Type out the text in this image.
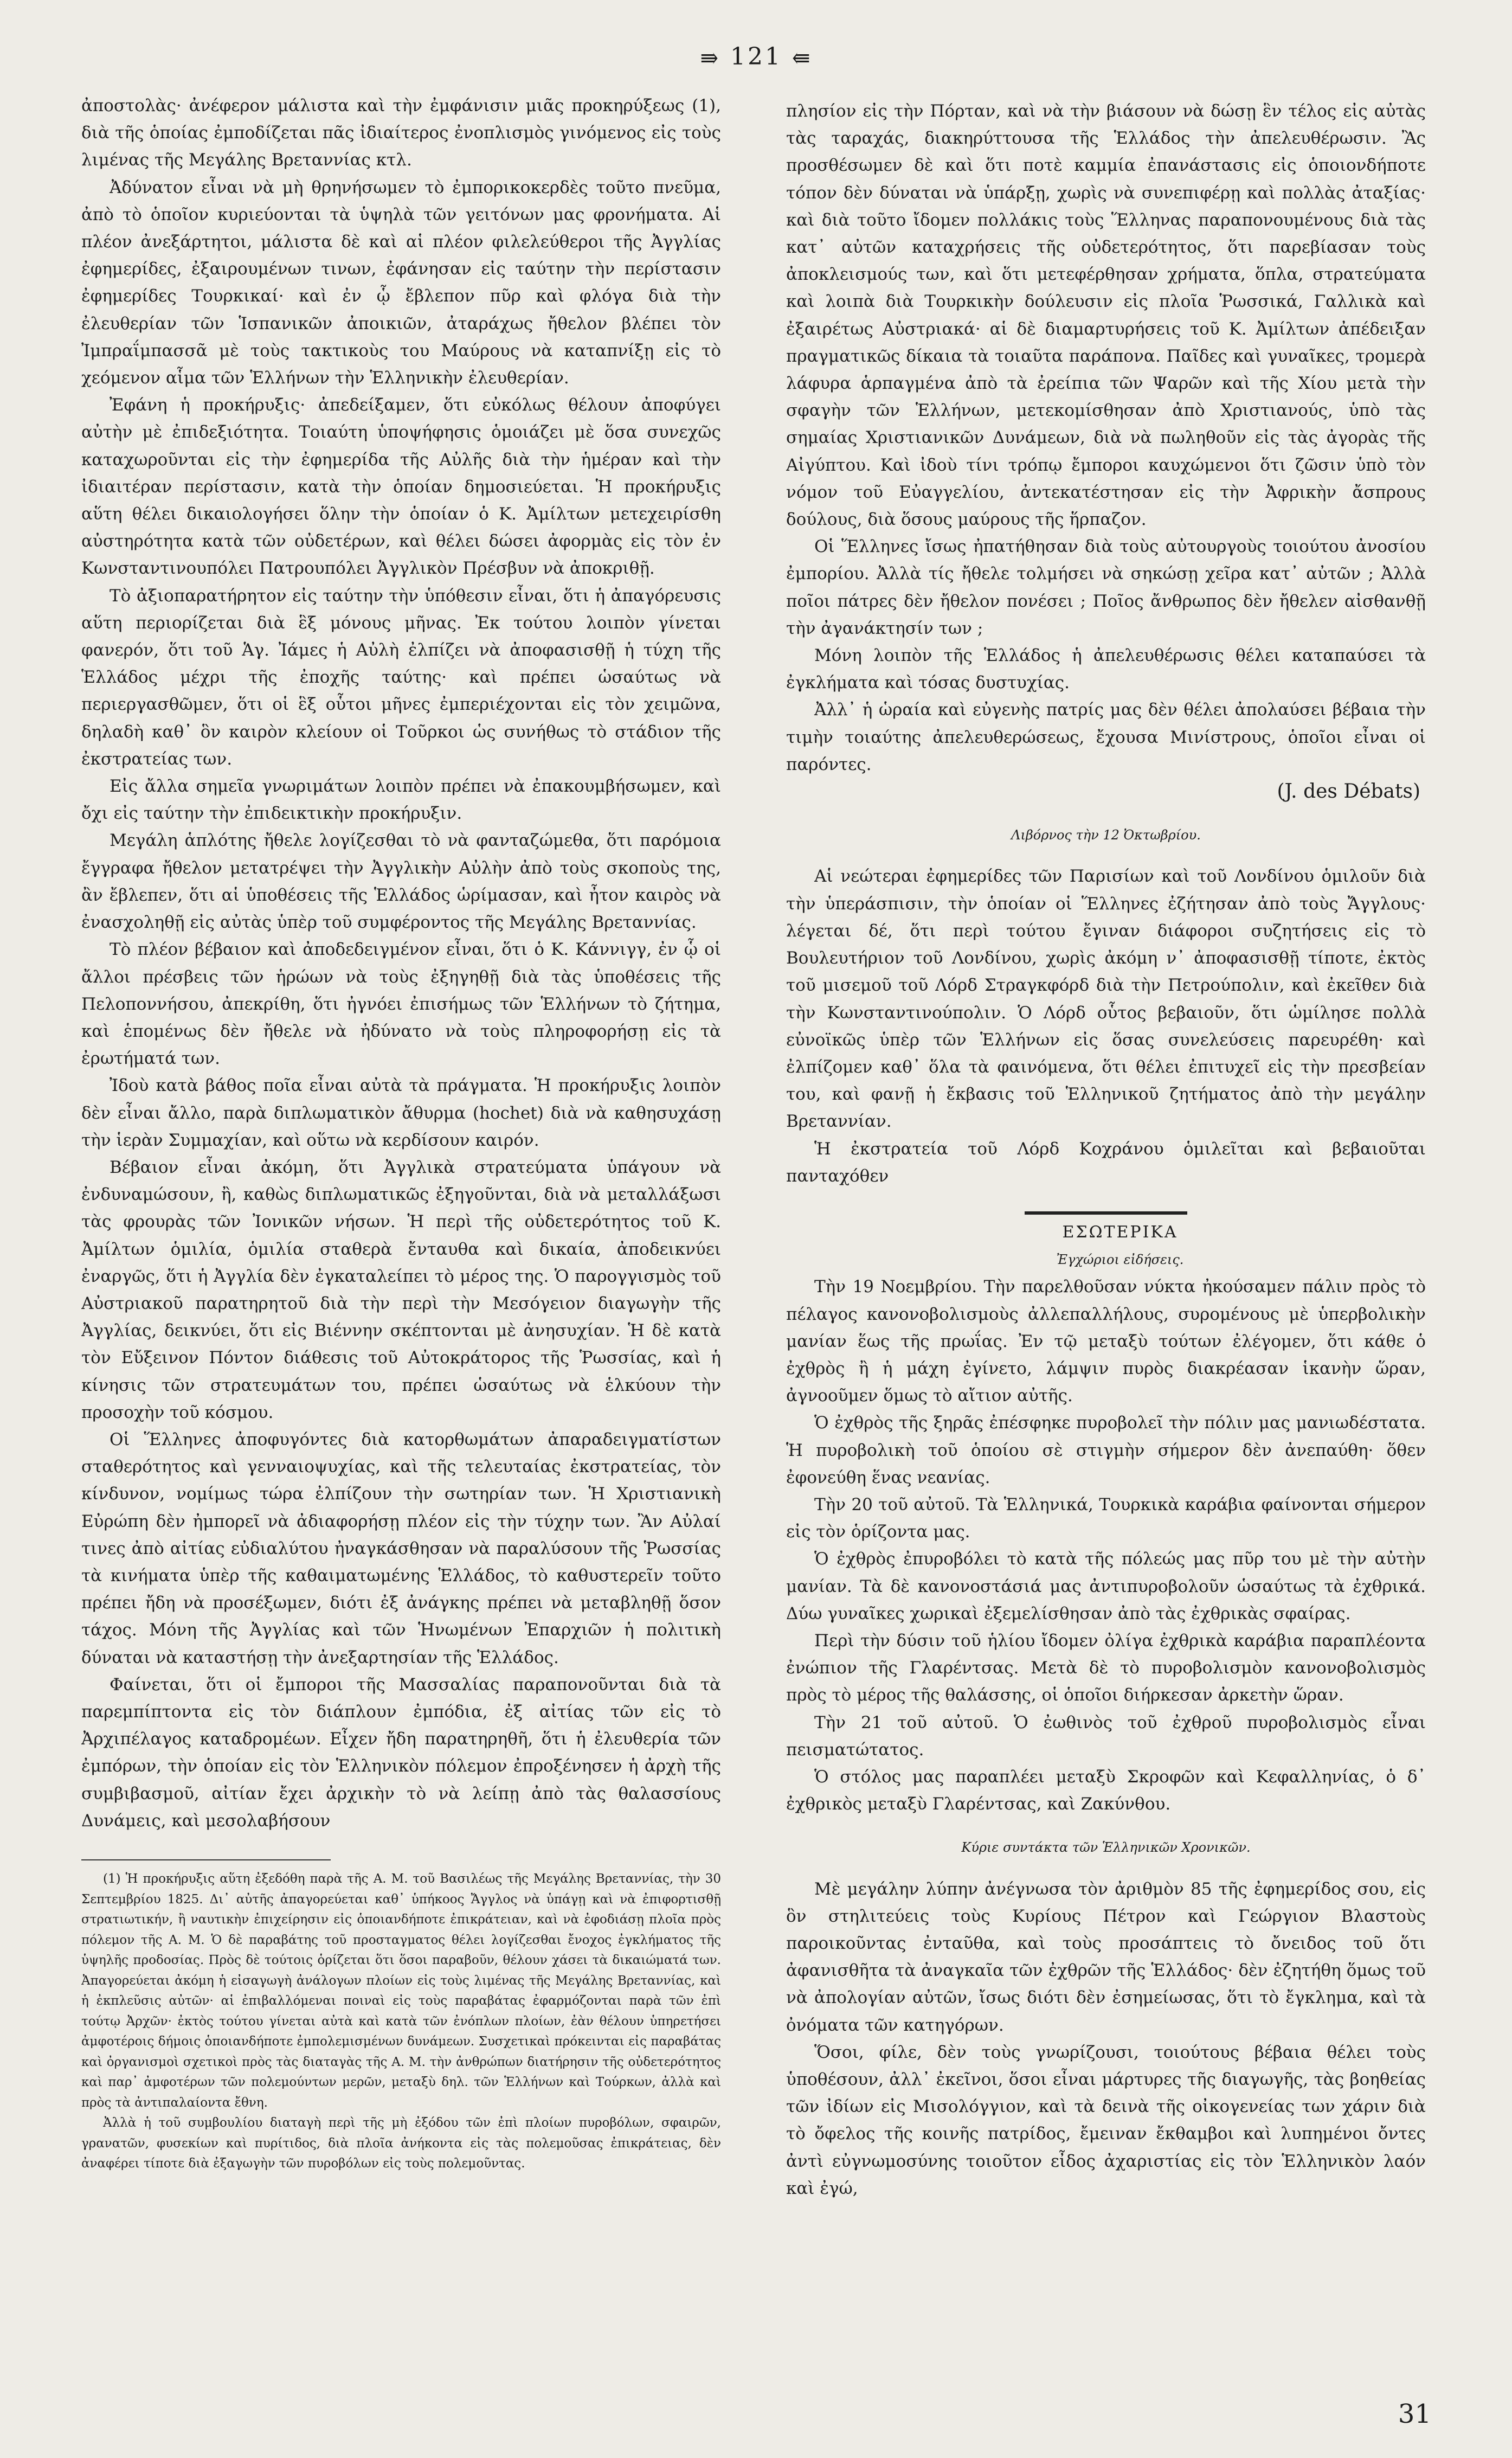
⇛ 121 ⇚

ἀποστολὰς· ἀνέφερον μάλιστα καὶ τὴν ἐμφάνισιν μιᾶς προκηρύξεως (1), διὰ τῆς ὁποίας ἐμποδίζεται πᾶς ἰδιαίτερος ἐνοπλισμὸς γινόμενος εἰς τοὺς λιμένας τῆς Μεγάλης Βρεταννίας κτλ.

Ἀδύνατον εἶναι νὰ μὴ θρηνήσωμεν τὸ ἐμπορικοκερδὲς τοῦτο πνεῦμα, ἀπὸ τὸ ὁποῖον κυριεύονται τὰ ὑψηλὰ τῶν γειτόνων μας φρονήματα. Αἱ πλέον ἀνεξάρτητοι, μάλιστα δὲ καὶ αἱ πλέον φιλελεύθεροι τῆς Ἀγγλίας ἐφημερίδες, ἐξαιρουμένων τινων, ἐφάνησαν εἰς ταύτην τὴν περίστασιν ἐφημερίδες Τουρκικαί· καὶ ἐν ᾧ ἔβλεπον πῦρ καὶ φλόγα διὰ τὴν ἐλευθερίαν τῶν Ἱσπανικῶν ἀποικιῶν, ἀταράχως ἤθελον βλέπει τὸν Ἰμπραΐμπασσᾶ μὲ τοὺς τακτικοὺς του Μαύρους νὰ καταπνίξῃ εἰς τὸ χεόμενον αἷμα τῶν Ἑλλήνων τὴν Ἑλληνικὴν ἐλευθερίαν.

Ἐφάνη ἡ προκήρυξις· ἀπεδείξαμεν, ὅτι εὐκόλως θέλουν ἀποφύγει αὐτὴν μὲ ἐπιδεξιότητα. Τοιαύτη ὑποψήφησις ὁμοιάζει μὲ ὅσα συνεχῶς καταχωροῦνται εἰς τὴν ἐφημερίδα τῆς Αὐλῆς διὰ τὴν ἡμέραν καὶ τὴν ἰδιαιτέραν περίστασιν, κατὰ τὴν ὁποίαν δημοσιεύεται. Ἡ προκήρυξις αὕτη θέλει δικαιολογήσει ὅλην τὴν ὁποίαν ὁ Κ. Ἀμίλτων μετεχειρίσθη αὐστηρότητα κατὰ τῶν οὐδετέρων, καὶ θέλει δώσει ἀφορμὰς εἰς τὸν ἐν Κωνσταντινουπόλει Πατρουπόλει Ἀγγλικὸν Πρέσβυν νὰ ἀποκριθῇ.

Τὸ ἀξιοπαρατήρητον εἰς ταύτην τὴν ὑπόθεσιν εἶναι, ὅτι ἡ ἀπαγόρευσις αὕτη περιορίζεται διὰ ἓξ μόνους μῆνας. Ἐκ τούτου λοιπὸν γίνεται φανερόν, ὅτι τοῦ Ἁγ. Ἰάμες ἡ Αὐλὴ ἐλπίζει νὰ ἀποφασισθῇ ἡ τύχη τῆς Ἑλλάδος μέχρι τῆς ἐποχῆς ταύτης· καὶ πρέπει ὡσαύτως νὰ περιεργασθῶμεν, ὅτι οἱ ἓξ οὗτοι μῆνες ἐμπεριέχονται εἰς τὸν χειμῶνα, δηλαδὴ καθ᾽ ὃν καιρὸν κλείουν οἱ Τοῦρκοι ὡς συνήθως τὸ στάδιον τῆς ἐκστρατείας των.

Εἰς ἄλλα σημεῖα γνωριμάτων λοιπὸν πρέπει νὰ ἐπακουμβήσωμεν, καὶ ὄχι εἰς ταύτην τὴν ἐπιδεικτικὴν προκήρυξιν.

Μεγάλη ἁπλότης ἤθελε λογίζεσθαι τὸ νὰ φανταζώμεθα, ὅτι παρόμοια ἔγγραφα ἤθελον μετατρέψει τὴν Ἀγγλικὴν Αὐλὴν ἀπὸ τοὺς σκοποὺς της, ἂν ἔβλεπεν, ὅτι αἱ ὑποθέσεις τῆς Ἑλλάδος ὡρίμασαν, καὶ ἦτον καιρὸς νὰ ἐνασχοληθῇ εἰς αὐτὰς ὑπὲρ τοῦ συμφέροντος τῆς Μεγάλης Βρεταννίας.

Τὸ πλέον βέβαιον καὶ ἀποδεδειγμένον εἶναι, ὅτι ὁ Κ. Κάννιγγ, ἐν ᾧ οἱ ἄλλοι πρέσβεις τῶν ἡρώων νὰ τοὺς ἐξηγηθῇ διὰ τὰς ὑποθέσεις τῆς Πελοποννήσου, ἀπεκρίθη, ὅτι ἠγνόει ἐπισήμως τῶν Ἑλλήνων τὸ ζήτημα, καὶ ἑπομένως δὲν ἤθελε νὰ ἠδύνατο νὰ τοὺς πληροφορήσῃ εἰς τὰ ἐρωτήματά των.

Ἰδοὺ κατὰ βάθος ποῖα εἶναι αὐτὰ τὰ πράγματα. Ἡ προκήρυξις λοιπὸν δὲν εἶναι ἄλλο, παρὰ διπλωματικὸν ἄθυρμα (hochet) διὰ νὰ καθησυχάσῃ τὴν ἱερὰν Συμμαχίαν, καὶ οὕτω νὰ κερδίσουν καιρόν.

Βέβαιον εἶναι ἀκόμη, ὅτι Ἀγγλικὰ στρατεύματα ὑπάγουν νὰ ἐνδυναμώσουν, ἢ, καθὼς διπλωματικῶς ἐξηγοῦνται, διὰ νὰ μεταλλάξωσι τὰς φρουρὰς τῶν Ἰονικῶν νήσων. Ἡ περὶ τῆς οὐδετερότητος τοῦ Κ. Ἀμίλτων ὁμιλία, ὁμιλία σταθερὰ ἔνταυθα καὶ δικαία, ἀποδεικνύει ἐναργῶς, ὅτι ἡ Ἀγγλία δὲν ἐγκαταλείπει τὸ μέρος της. Ὁ παρογγισμὸς τοῦ Αὐστριακοῦ παρατηρητοῦ διὰ τὴν περὶ τὴν Μεσόγειον διαγωγὴν τῆς Ἀγγλίας, δεικνύει, ὅτι εἰς Βιέννην σκέπτονται μὲ ἀνησυχίαν. Ἡ δὲ κατὰ τὸν Εὔξεινον Πόντον διάθεσις τοῦ Αὐτοκράτορος τῆς Ῥωσσίας, καὶ ἡ κίνησις τῶν στρατευμάτων του, πρέπει ὡσαύτως νὰ ἑλκύουν τὴν προσοχὴν τοῦ κόσμου.

Οἱ Ἕλληνες ἀποφυγόντες διὰ κατορθωμάτων ἀπαραδειγματίστων σταθερότητος καὶ γενναιοψυχίας, καὶ τῆς τελευταίας ἐκστρατείας, τὸν κίνδυνον, νομίμως τώρα ἐλπίζουν τὴν σωτηρίαν των. Ἡ Χριστιανικὴ Εὐρώπη δὲν ἠμπορεῖ νὰ ἀδιαφορήσῃ πλέον εἰς τὴν τύχην των. Ἂν Αὐλαί τινες ἀπὸ αἰτίας εὐδιαλύτου ἠναγκάσθησαν νὰ παραλύσουν τῆς Ῥωσσίας τὰ κινήματα ὑπὲρ τῆς καθαιματωμένης Ἑλλάδος, τὸ καθυστερεῖν τοῦτο πρέπει ἤδη νὰ προσέξωμεν, διότι ἐξ ἀνάγκης πρέπει νὰ μεταβληθῇ ὅσον τάχος. Μόνη τῆς Ἀγγλίας καὶ τῶν Ἡνωμένων Ἐπαρχιῶν ἡ πολιτικὴ δύναται νὰ καταστήσῃ τὴν ἀνεξαρτησίαν τῆς Ἑλλάδος.

Φαίνεται, ὅτι οἱ ἔμποροι τῆς Μασσαλίας παραπονοῦνται διὰ τὰ παρεμπίπτοντα εἰς τὸν διάπλουν ἐμπόδια, ἐξ αἰτίας τῶν εἰς τὸ Ἀρχιπέλαγος καταδρομέων. Εἶχεν ἤδη παρατηρηθῆ, ὅτι ἡ ἐλευθερία τῶν ἐμπόρων, τὴν ὁποίαν εἰς τὸν Ἑλληνικὸν πόλεμον ἐπροξένησεν ἡ ἀρχὴ τῆς συμβιβασμοῦ, αἰτίαν ἔχει ἀρχικὴν τὸ νὰ λείπῃ ἀπὸ τὰς θαλασσίους Δυνάμεις, καὶ μεσολαβήσουν

(1) Ἡ προκήρυξις αὕτη ἐξεδόθη παρὰ τῆς Α. Μ. τοῦ Βασιλέως τῆς Μεγάλης Βρεταννίας, τὴν 30 Σεπτεμβρίου 1825. Δι᾽ αὐτῆς ἀπαγορεύεται καθ᾽ ὑπήκοος Ἄγγλος νὰ ὑπάγῃ καὶ νὰ ἐπιφορτισθῇ στρατιωτικήν, ἢ ναυτικὴν ἐπιχείρησιν εἰς ὁποιανδήποτε ἐπικράτειαν, καὶ νὰ ἐφοδιάσῃ πλοῖα πρὸς πόλεμον τῆς Α. Μ. Ὁ δὲ παραβάτης τοῦ προσταγματος θέλει λογίζεσθαι ἔνοχος ἐγκλήματος τῆς ὑψηλῆς προδοσίας. Πρὸς δὲ τούτοις ὁρίζεται ὅτι ὅσοι παραβοῦν, θέλουν χάσει τὰ δικαιώματά των. Ἀπαγορεύεται ἀκόμη ἡ εἰσαγωγὴ ἀνάλογων πλοίων εἰς τοὺς λιμένας τῆς Μεγάλης Βρεταννίας, καὶ ἡ ἐκπλεῦσις αὐτῶν· αἱ ἐπιβαλλόμεναι ποιναὶ εἰς τοὺς παραβάτας ἐφαρμόζονται παρὰ τῶν ἐπὶ τούτῳ Ἀρχῶν· ἐκτὸς τούτου γίνεται αὐτὰ καὶ κατὰ τῶν ἐνόπλων πλοίων, ἐὰν θέλουν ὑπηρετήσει ἀμφοτέροις δήμοις ὁποιανδήποτε ἐμπολεμισμένων δυνάμεων. Συσχετικαὶ πρόκεινται εἰς παραβάτας καὶ ὀργανισμοὶ σχετικοὶ πρὸς τὰς διαταγὰς τῆς Α. Μ. τὴν ἀνθρώπων διατήρησιν τῆς οὐδετερότητος καὶ παρ᾽ ἀμφοτέρων τῶν πολεμούντων μερῶν, μεταξὺ δηλ. τῶν Ἑλλήνων καὶ Τούρκων, ἀλλὰ καὶ πρὸς τὰ ἀντιπαλαίοντα ἔθνη.

Ἀλλὰ ἡ τοῦ συμβουλίου διαταγὴ περὶ τῆς μὴ ἐξόδου τῶν ἐπὶ πλοίων πυροβόλων, σφαιρῶν, γρανατῶν, φυσεκίων καὶ πυρίτιδος, διὰ πλοῖα ἀνήκοντα εἰς τὰς πολεμοῦσας ἐπικράτειας, δὲν ἀναφέρει τίποτε διὰ ἐξαγωγὴν τῶν πυροβόλων εἰς τοὺς πολεμοῦντας.

πλησίον εἰς τὴν Πόρταν, καὶ νὰ τὴν βιάσουν νὰ δώσῃ ἓν τέλος εἰς αὐτὰς τὰς ταραχάς, διακηρύττουσα τῆς Ἑλλάδος τὴν ἀπελευθέρωσιν. Ἂς προσθέσωμεν δὲ καὶ ὅτι ποτὲ καμμία ἐπανάστασις εἰς ὁποιονδήποτε τόπον δὲν δύναται νὰ ὑπάρξῃ, χωρὶς νὰ συνεπιφέρῃ καὶ πολλὰς ἀταξίας· καὶ διὰ τοῦτο ἴδομεν πολλάκις τοὺς Ἕλληνας παραπονουμένους διὰ τὰς κατ᾽ αὐτῶν καταχρήσεις τῆς οὐδετερότητος, ὅτι παρεβίασαν τοὺς ἀποκλεισμούς των, καὶ ὅτι μετεφέρθησαν χρήματα, ὅπλα, στρατεύματα καὶ λοιπὰ διὰ Τουρκικὴν δούλευσιν εἰς πλοῖα Ῥωσσικά, Γαλλικὰ καὶ ἐξαιρέτως Αὐστριακά· αἱ δὲ διαμαρτυρήσεις τοῦ Κ. Ἀμίλτων ἀπέδειξαν πραγματικῶς δίκαια τὰ τοιαῦτα παράπονα. Παῖδες καὶ γυναῖκες, τρομερὰ λάφυρα ἁρπαγμένα ἀπὸ τὰ ἐρείπια τῶν Ψαρῶν καὶ τῆς Χίου μετὰ τὴν σφαγὴν τῶν Ἑλλήνων, μετεκομίσθησαν ἀπὸ Χριστιανούς, ὑπὸ τὰς σημαίας Χριστιανικῶν Δυνάμεων, διὰ νὰ πωληθοῦν εἰς τὰς ἀγορὰς τῆς Αἰγύπτου. Καὶ ἰδοὺ τίνι τρόπῳ ἔμποροι καυχώμενοι ὅτι ζῶσιν ὑπὸ τὸν νόμον τοῦ Εὐαγγελίου, ἀντεκατέστησαν εἰς τὴν Ἀφρικὴν ἄσπρους δούλους, διὰ ὅσους μαύρους τῆς ἥρπαζον.

Οἱ Ἕλληνες ἴσως ἠπατήθησαν διὰ τοὺς αὐτουργοὺς τοιούτου ἀνοσίου ἐμπορίου. Ἀλλὰ τίς ἤθελε τολμήσει νὰ σηκώσῃ χεῖρα κατ᾽ αὐτῶν ; Ἀλλὰ ποῖοι πάτρες δὲν ἤθελον πονέσει ; Ποῖος ἄνθρωπος δὲν ἤθελεν αἰσθανθῇ τὴν ἀγανάκτησίν των ;

Μόνη λοιπὸν τῆς Ἑλλάδος ἡ ἀπελευθέρωσις θέλει καταπαύσει τὰ ἐγκλήματα καὶ τόσας δυστυχίας.

Ἀλλ᾽ ἡ ὡραία καὶ εὐγενὴς πατρίς μας δὲν θέλει ἀπολαύσει βέβαια τὴν τιμὴν τοιαύτης ἀπελευθερώσεως, ἔχουσα Μινίστρους, ὁποῖοι εἶναι οἱ παρόντες.

(J. des Débats)
Λιβόρνος τὴν 12 Ὀκτωβρίου.

Αἱ νεώτεραι ἐφημερίδες τῶν Παρισίων καὶ τοῦ Λονδίνου ὁμιλοῦν διὰ τὴν ὑπεράσπισιν, τὴν ὁποίαν οἱ Ἕλληνες ἐζήτησαν ἀπὸ τοὺς Ἄγγλους· λέγεται δέ, ὅτι περὶ τούτου ἔγιναν διάφοροι συζητήσεις εἰς τὸ Βουλευτήριον τοῦ Λονδίνου, χωρὶς ἀκόμη ν᾽ ἀποφασισθῇ τίποτε, ἐκτὸς τοῦ μισεμοῦ τοῦ Λόρδ Στραγκφόρδ διὰ τὴν Πετρούπολιν, καὶ ἐκεῖθεν διὰ τὴν Κωνσταντινούπολιν. Ὁ Λόρδ οὗτος βεβαιοῦν, ὅτι ὡμίλησε πολλὰ εὐνοϊκῶς ὑπὲρ τῶν Ἑλλήνων εἰς ὅσας συνελεύσεις παρευρέθη· καὶ ἐλπίζομεν καθ᾽ ὅλα τὰ φαινόμενα, ὅτι θέλει ἐπιτυχεῖ εἰς τὴν πρεσβείαν του, καὶ φανῇ ἡ ἔκβασις τοῦ Ἑλληνικοῦ ζητήματος ἀπὸ τὴν μεγάλην Βρεταννίαν.

Ἡ ἐκστρατεία τοῦ Λόρδ Κοχράνου ὁμιλεῖται καὶ βεβαιοῦται πανταχόθεν

ΕΣΩΤΕΡΙΚΑ

Ἐγχώριοι εἰδήσεις.

Τὴν 19 Νοεμβρίου. Τὴν παρελθοῦσαν νύκτα ἠκούσαμεν πάλιν πρὸς τὸ πέλαγος κανονοβολισμοὺς ἀλλεπαλλήλους, συρομένους μὲ ὑπερβολικὴν μανίαν ἕως τῆς πρωΐας. Ἐν τῷ μεταξὺ τούτων ἐλέγομεν, ὅτι κάθε ὁ ἐχθρὸς ἢ ἡ μάχη ἐγίνετο, λάμψιν πυρὸς διακρέασαν ἱκανὴν ὥραν, ἀγνοοῦμεν ὅμως τὸ αἴτιον αὐτῆς.

Ὁ ἐχθρὸς τῆς ξηρᾶς ἐπέσφηκε πυροβολεῖ τὴν πόλιν μας μανιωδέστατα. Ἡ πυροβολικὴ τοῦ ὁποίου σὲ στιγμὴν σήμερον δὲν ἀνεπαύθη· ὅθεν ἐφονεύθη ἕνας νεανίας.

Τὴν 20 τοῦ αὐτοῦ. Τὰ Ἑλληνικά, Τουρκικὰ καράβια φαίνονται σήμερον εἰς τὸν ὁρίζοντα μας.

Ὁ ἐχθρὸς ἐπυροβόλει τὸ κατὰ τῆς πόλεώς μας πῦρ του μὲ τὴν αὐτὴν μανίαν. Τὰ δὲ κανονοστάσιά μας ἀντιπυροβολοῦν ὡσαύτως τὰ ἐχθρικά. Δύω γυναῖκες χωρικαὶ ἐξεμελίσθησαν ἀπὸ τὰς ἐχθρικὰς σφαίρας.

Περὶ τὴν δύσιν τοῦ ἡλίου ἴδομεν ὀλίγα ἐχθρικὰ καράβια παραπλέοντα ἐνώπιον τῆς Γλαρέντσας. Μετὰ δὲ τὸ πυροβολισμὸν κανονοβολισμὸς πρὸς τὸ μέρος τῆς θαλάσσης, οἱ ὁποῖοι διήρκεσαν ἀρκετὴν ὥραν.

Τὴν 21 τοῦ αὐτοῦ. Ὁ ἐωθινὸς τοῦ ἐχθροῦ πυροβολισμὸς εἶναι πεισματώτατος.

Ὁ στόλος μας παραπλέει μεταξὺ Σκροφῶν καὶ Κεφαλληνίας, ὁ δ᾽ ἐχθρικὸς μεταξὺ Γλαρέντσας, καὶ Ζακύνθου.

Κύριε συντάκτα τῶν Ἑλληνικῶν Χρονικῶν.

Μὲ μεγάλην λύπην ἀνέγνωσα τὸν ἀριθμὸν 85 τῆς ἐφημερίδος σου, εἰς ὃν στηλιτεύεις τοὺς Κυρίους Πέτρον καὶ Γεώργιον Βλαστοὺς παροικοῦντας ἐνταῦθα, καὶ τοὺς προσάπτεις τὸ ὄνειδος τοῦ ὅτι ἀφανισθῆτα τὰ ἀναγκαῖα τῶν ἐχθρῶν τῆς Ἑλλάδος· δὲν ἐζητήθη ὅμως τοῦ νὰ ἀπολογίαν αὐτῶν, ἴσως διότι δὲν ἐσημείωσας, ὅτι τὸ ἔγκλημα, καὶ τὰ ὀνόματα τῶν κατηγόρων.

Ὅσοι, φίλε, δὲν τοὺς γνωρίζουσι, τοιούτους βέβαια θέλει τοὺς ὑποθέσουν, ἀλλ᾽ ἐκεῖνοι, ὅσοι εἶναι μάρτυρες τῆς διαγωγῆς, τὰς βοηθείας τῶν ἰδίων εἰς Μισολόγγιον, καὶ τὰ δεινὰ τῆς οἰκογενείας των χάριν διὰ τὸ ὄφελος τῆς κοινῆς πατρίδος, ἔμειναν ἔκθαμβοι καὶ λυπημένοι ὄντες ἀντὶ εὐγνωμοσύνης τοιοῦτον εἶδος ἀχαριστίας εἰς τὸν Ἑλληνικὸν λαόν καὶ ἐγώ,

31
